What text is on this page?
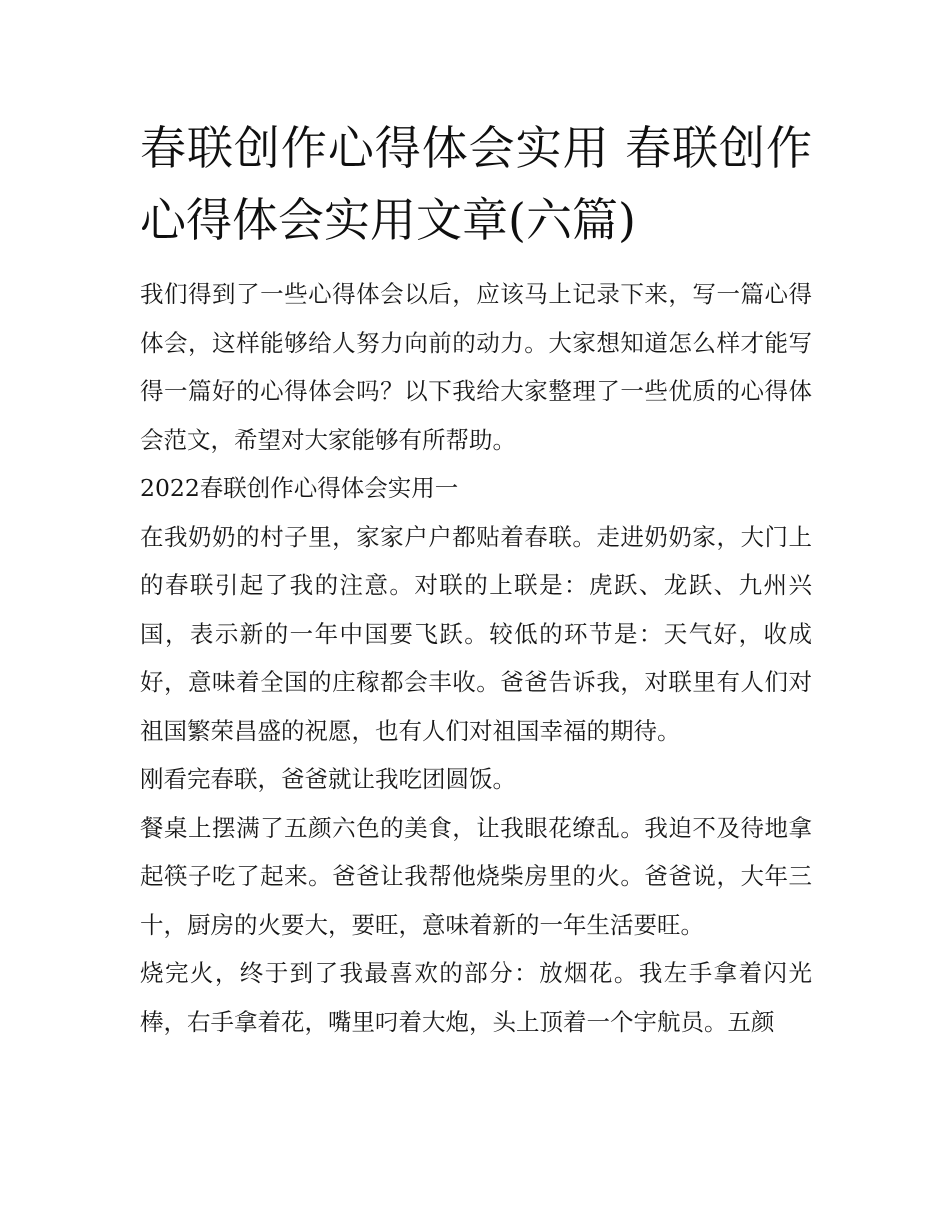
春联创作心得体会实用 春联创作心得体会实用文章(六篇)

我们得到了一些心得体会以后，应该马上记录下来，写一篇心得体会，这样能够给人努力向前的动力。大家想知道怎么样才能写得一篇好的心得体会吗？以下我给大家整理了一些优质的心得体会范文，希望对大家能够有所帮助。

2022春联创作心得体会实用一

在我奶奶的村子里，家家户户都贴着春联。走进奶奶家，大门上的春联引起了我的注意。对联的上联是：虎跃、龙跃、九州兴国，表示新的一年中国要飞跃。较低的环节是：天气好，收成好，意味着全国的庄稼都会丰收。爸爸告诉我，对联里有人们对祖国繁荣昌盛的祝愿，也有人们对祖国幸福的期待。

刚看完春联，爸爸就让我吃团圆饭。

餐桌上摆满了五颜六色的美食，让我眼花缭乱。我迫不及待地拿起筷子吃了起来。爸爸让我帮他烧柴房里的火。爸爸说，大年三十，厨房的火要大，要旺，意味着新的一年生活要旺。

烧完火，终于到了我最喜欢的部分：放烟花。我左手拿着闪光棒，右手拿着花，嘴里叼着大炮，头上顶着一个宇航员。五颜
